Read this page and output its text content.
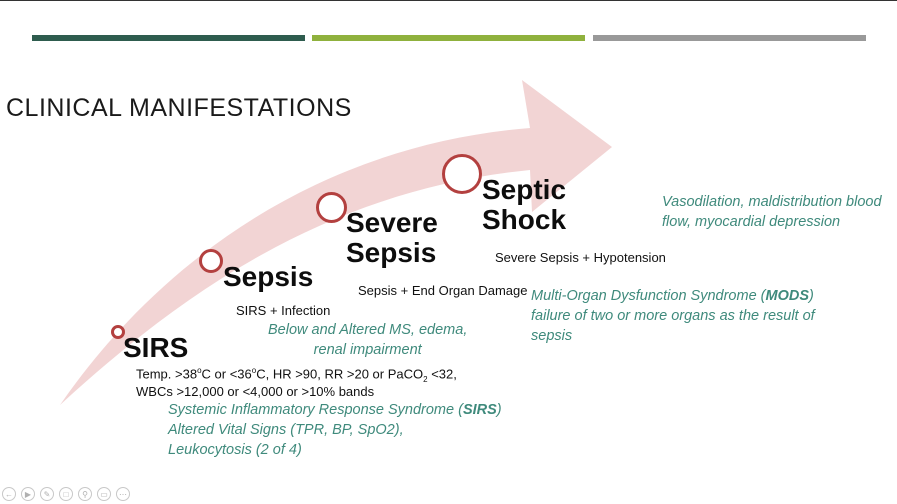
CLINICAL MANIFESTATIONS
SIRS
Temp. $>38^oC$ or $<36^oC$, HR >90, RR >20 or PaCO$_2$ <32,
WBCs >12,000 or <4,000 or >10% bands
Systemic Inflammatory Response Syndrome (SIRS)
Altered Vital Signs (TPR, BP, SpO2),
Leukocytosis (2 of 4)
Sepsis
SIRS + Infection
Below and Altered MS, edema,
renal impairment
Severe
Sepsis
Sepsis + End Organ Damage Multi-Organ Dysfunction Syndrome (MODS)
failure of two or more organs as the result of
sepsis
Septic
Shock
Severe Sepsis + Hypotension
Vasodilation, maldistribution blood
flow, myocardial depression
←	▶	✎	□	⚲	▭	⋯
